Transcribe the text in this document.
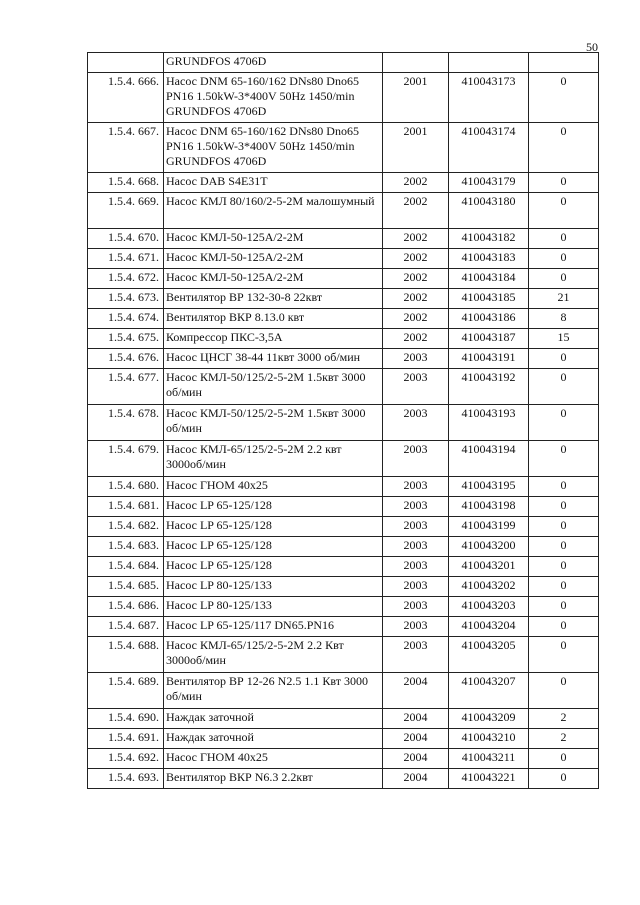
50
	GRUNDFOS 4706D			
1.5.4. 666.	Насос DNM 65-160/162 DNs80 Dno65 PN16 1.50kW-3*400V 50Hz 1450/min GRUNDFOS 4706D	2001	410043173	0
1.5.4. 667.	Насос DNM 65-160/162 DNs80 Dno65 PN16 1.50kW-3*400V 50Hz 1450/min GRUNDFOS 4706D	2001	410043174	0
1.5.4. 668.	Насос DAB S4E31T	2002	410043179	0
1.5.4. 669.	Насос КМЛ 80/160/2-5-2М малошумный	2002	410043180	0
1.5.4. 670.	Насос КМЛ-50-125А/2-2М	2002	410043182	0
1.5.4. 671.	Насос КМЛ-50-125А/2-2М	2002	410043183	0
1.5.4. 672.	Насос КМЛ-50-125А/2-2М	2002	410043184	0
1.5.4. 673.	Вентилятор ВР 132-30-8 22квт	2002	410043185	21
1.5.4. 674.	Вентилятор ВКР 8.13.0 квт	2002	410043186	8
1.5.4. 675.	Компрессор ПКС-3,5А	2002	410043187	15
1.5.4. 676.	Насос ЦНСГ 38-44 11квт 3000 об/мин	2003	410043191	0
1.5.4. 677.	Насос КМЛ-50/125/2-5-2М 1.5квт 3000 об/мин	2003	410043192	0
1.5.4. 678.	Насос КМЛ-50/125/2-5-2М 1.5квт 3000 об/мин	2003	410043193	0
1.5.4. 679.	Насос КМЛ-65/125/2-5-2М 2.2 квт 3000об/мин	2003	410043194	0
1.5.4. 680.	Насос ГНОМ 40х25	2003	410043195	0
1.5.4. 681.	Насос LP 65-125/128	2003	410043198	0
1.5.4. 682.	Насос LP 65-125/128	2003	410043199	0
1.5.4. 683.	Насос LP 65-125/128	2003	410043200	0
1.5.4. 684.	Насос LP 65-125/128	2003	410043201	0
1.5.4. 685.	Насос LP 80-125/133	2003	410043202	0
1.5.4. 686.	Насос LP 80-125/133	2003	410043203	0
1.5.4. 687.	Насос LP 65-125/117 DN65.PN16	2003	410043204	0
1.5.4. 688.	Насос КМЛ-65/125/2-5-2М 2.2 Квт 3000об/мин	2003	410043205	0
1.5.4. 689.	Вентилятор ВР 12-26 N2.5 1.1 Квт 3000 об/мин	2004	410043207	0
1.5.4. 690.	Наждак заточной	2004	410043209	2
1.5.4. 691.	Наждак заточной	2004	410043210	2
1.5.4. 692.	Насос ГНОМ 40х25	2004	410043211	0
1.5.4. 693.	Вентилятор ВКР N6.3 2.2квт	2004	410043221	0
